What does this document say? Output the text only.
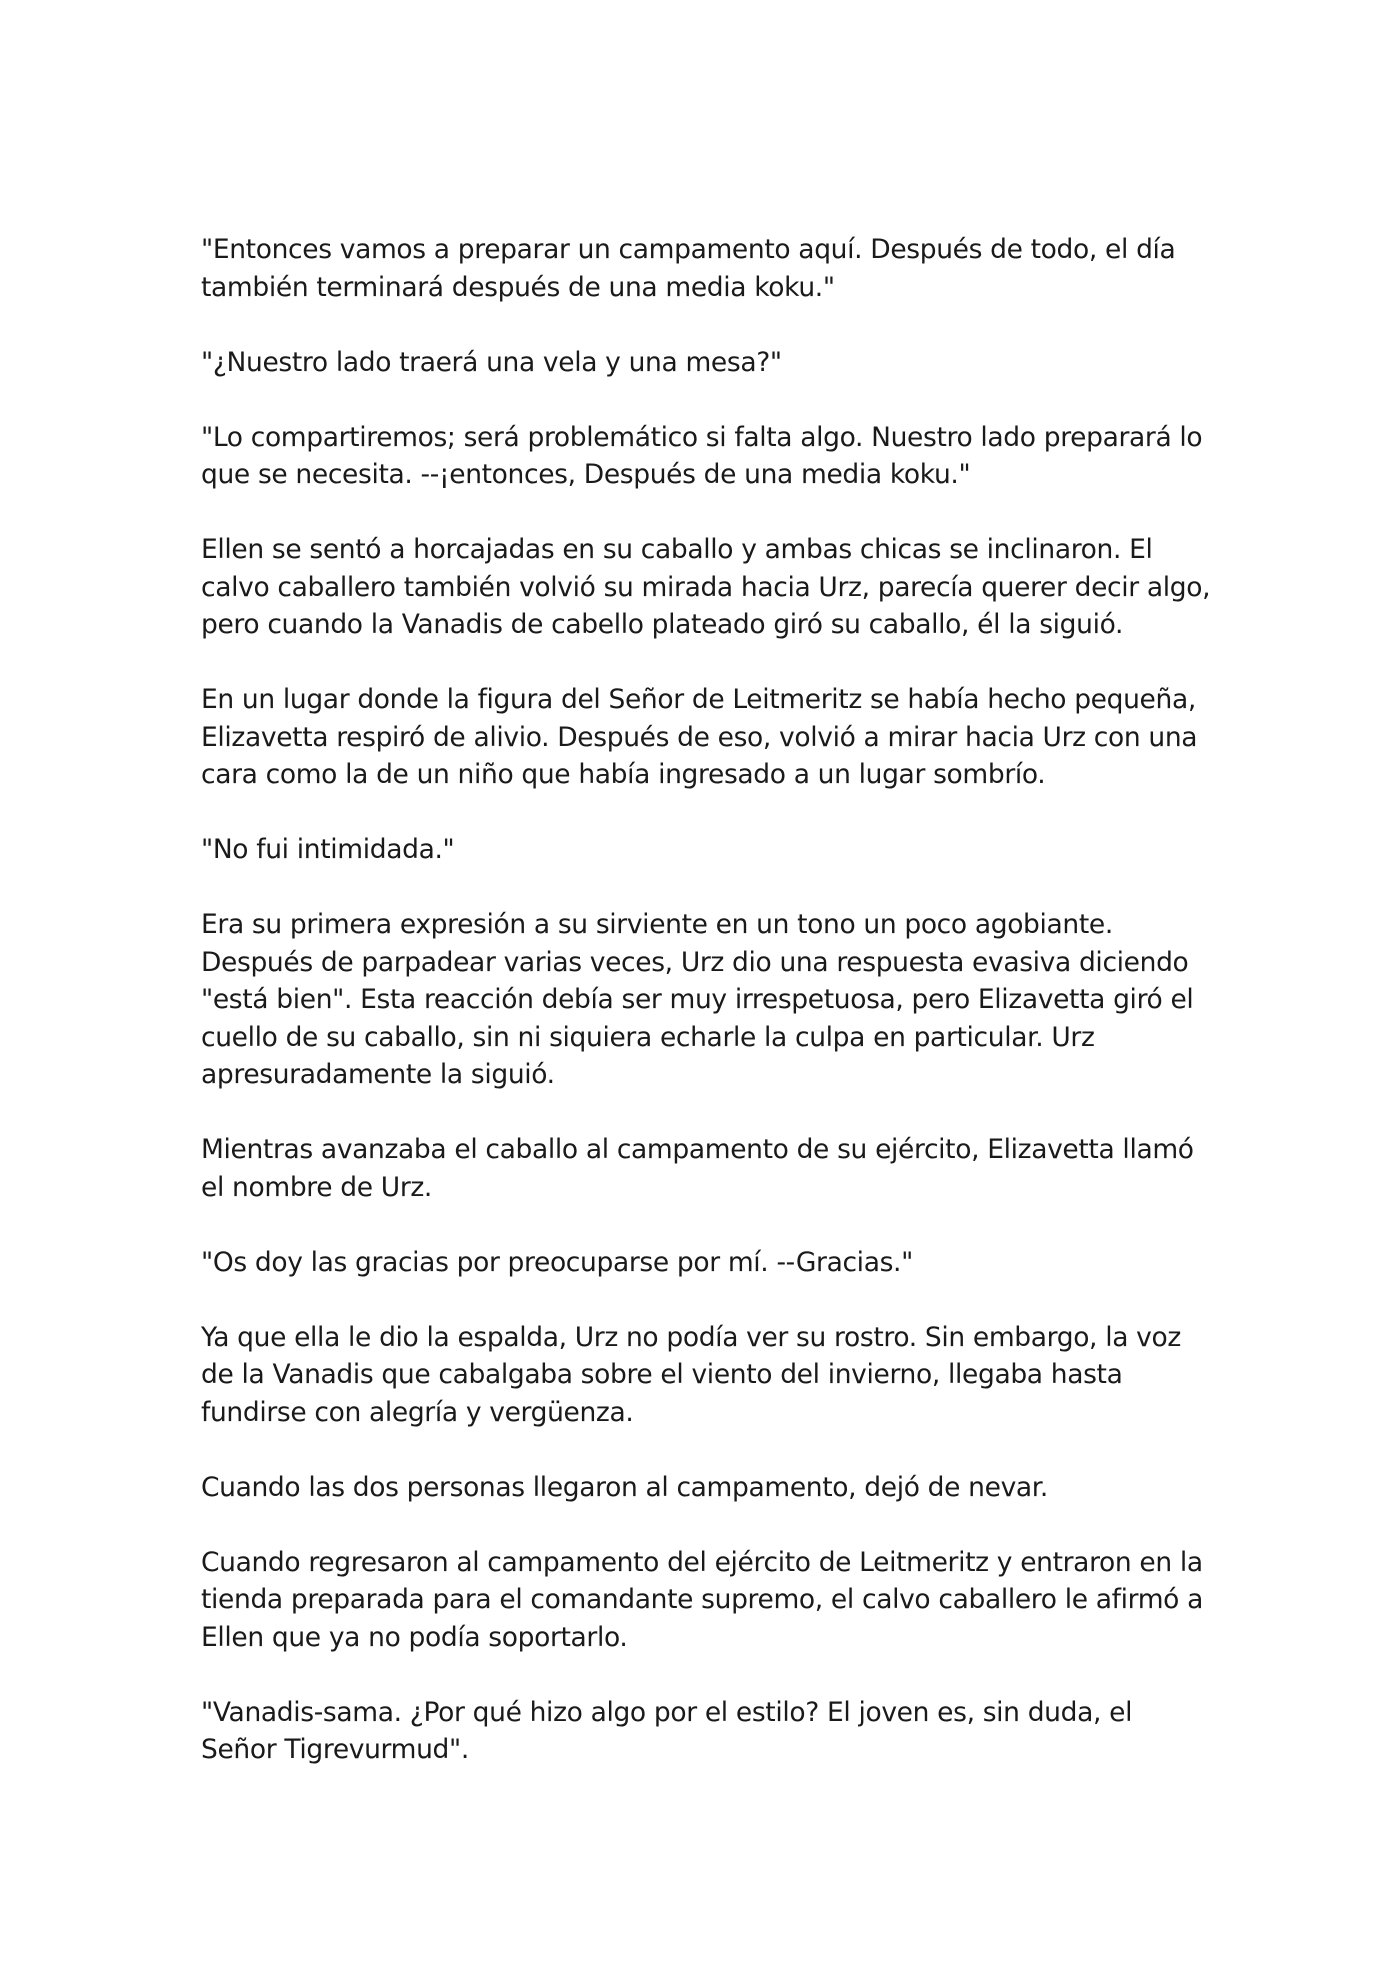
"Entonces vamos a preparar un campamento aquí. Después de todo, el día también terminará después de una media koku."

"¿Nuestro lado traerá una vela y una mesa?"

"Lo compartiremos; será problemático si falta algo. Nuestro lado preparará lo que se necesita. --¡entonces, Después de una media koku."

Ellen se sentó a horcajadas en su caballo y ambas chicas se inclinaron. El calvo caballero también volvió su mirada hacia Urz, parecía querer decir algo, pero cuando la Vanadis de cabello plateado giró su caballo, él la siguió.

En un lugar donde la figura del Señor de Leitmeritz se había hecho pequeña, Elizavetta respiró de alivio. Después de eso, volvió a mirar hacia Urz con una cara como la de un niño que había ingresado a un lugar sombrío.

"No fui intimidada."

Era su primera expresión a su sirviente en un tono un poco agobiante. Después de parpadear varias veces, Urz dio una respuesta evasiva diciendo "está bien". Esta reacción debía ser muy irrespetuosa, pero Elizavetta giró el cuello de su caballo, sin ni siquiera echarle la culpa en particular. Urz apresuradamente la siguió.

Mientras avanzaba el caballo al campamento de su ejército, Elizavetta llamó el nombre de Urz.

"Os doy las gracias por preocuparse por mí. --Gracias."

Ya que ella le dio la espalda, Urz no podía ver su rostro. Sin embargo, la voz de la Vanadis que cabalgaba sobre el viento del invierno, llegaba hasta fundirse con alegría y vergüenza.

Cuando las dos personas llegaron al campamento, dejó de nevar.

Cuando regresaron al campamento del ejército de Leitmeritz y entraron en la tienda preparada para el comandante supremo, el calvo caballero le afirmó a Ellen que ya no podía soportarlo.

"Vanadis-sama. ¿Por qué hizo algo por el estilo? El joven es, sin duda, el Señor Tigrevurmud".
